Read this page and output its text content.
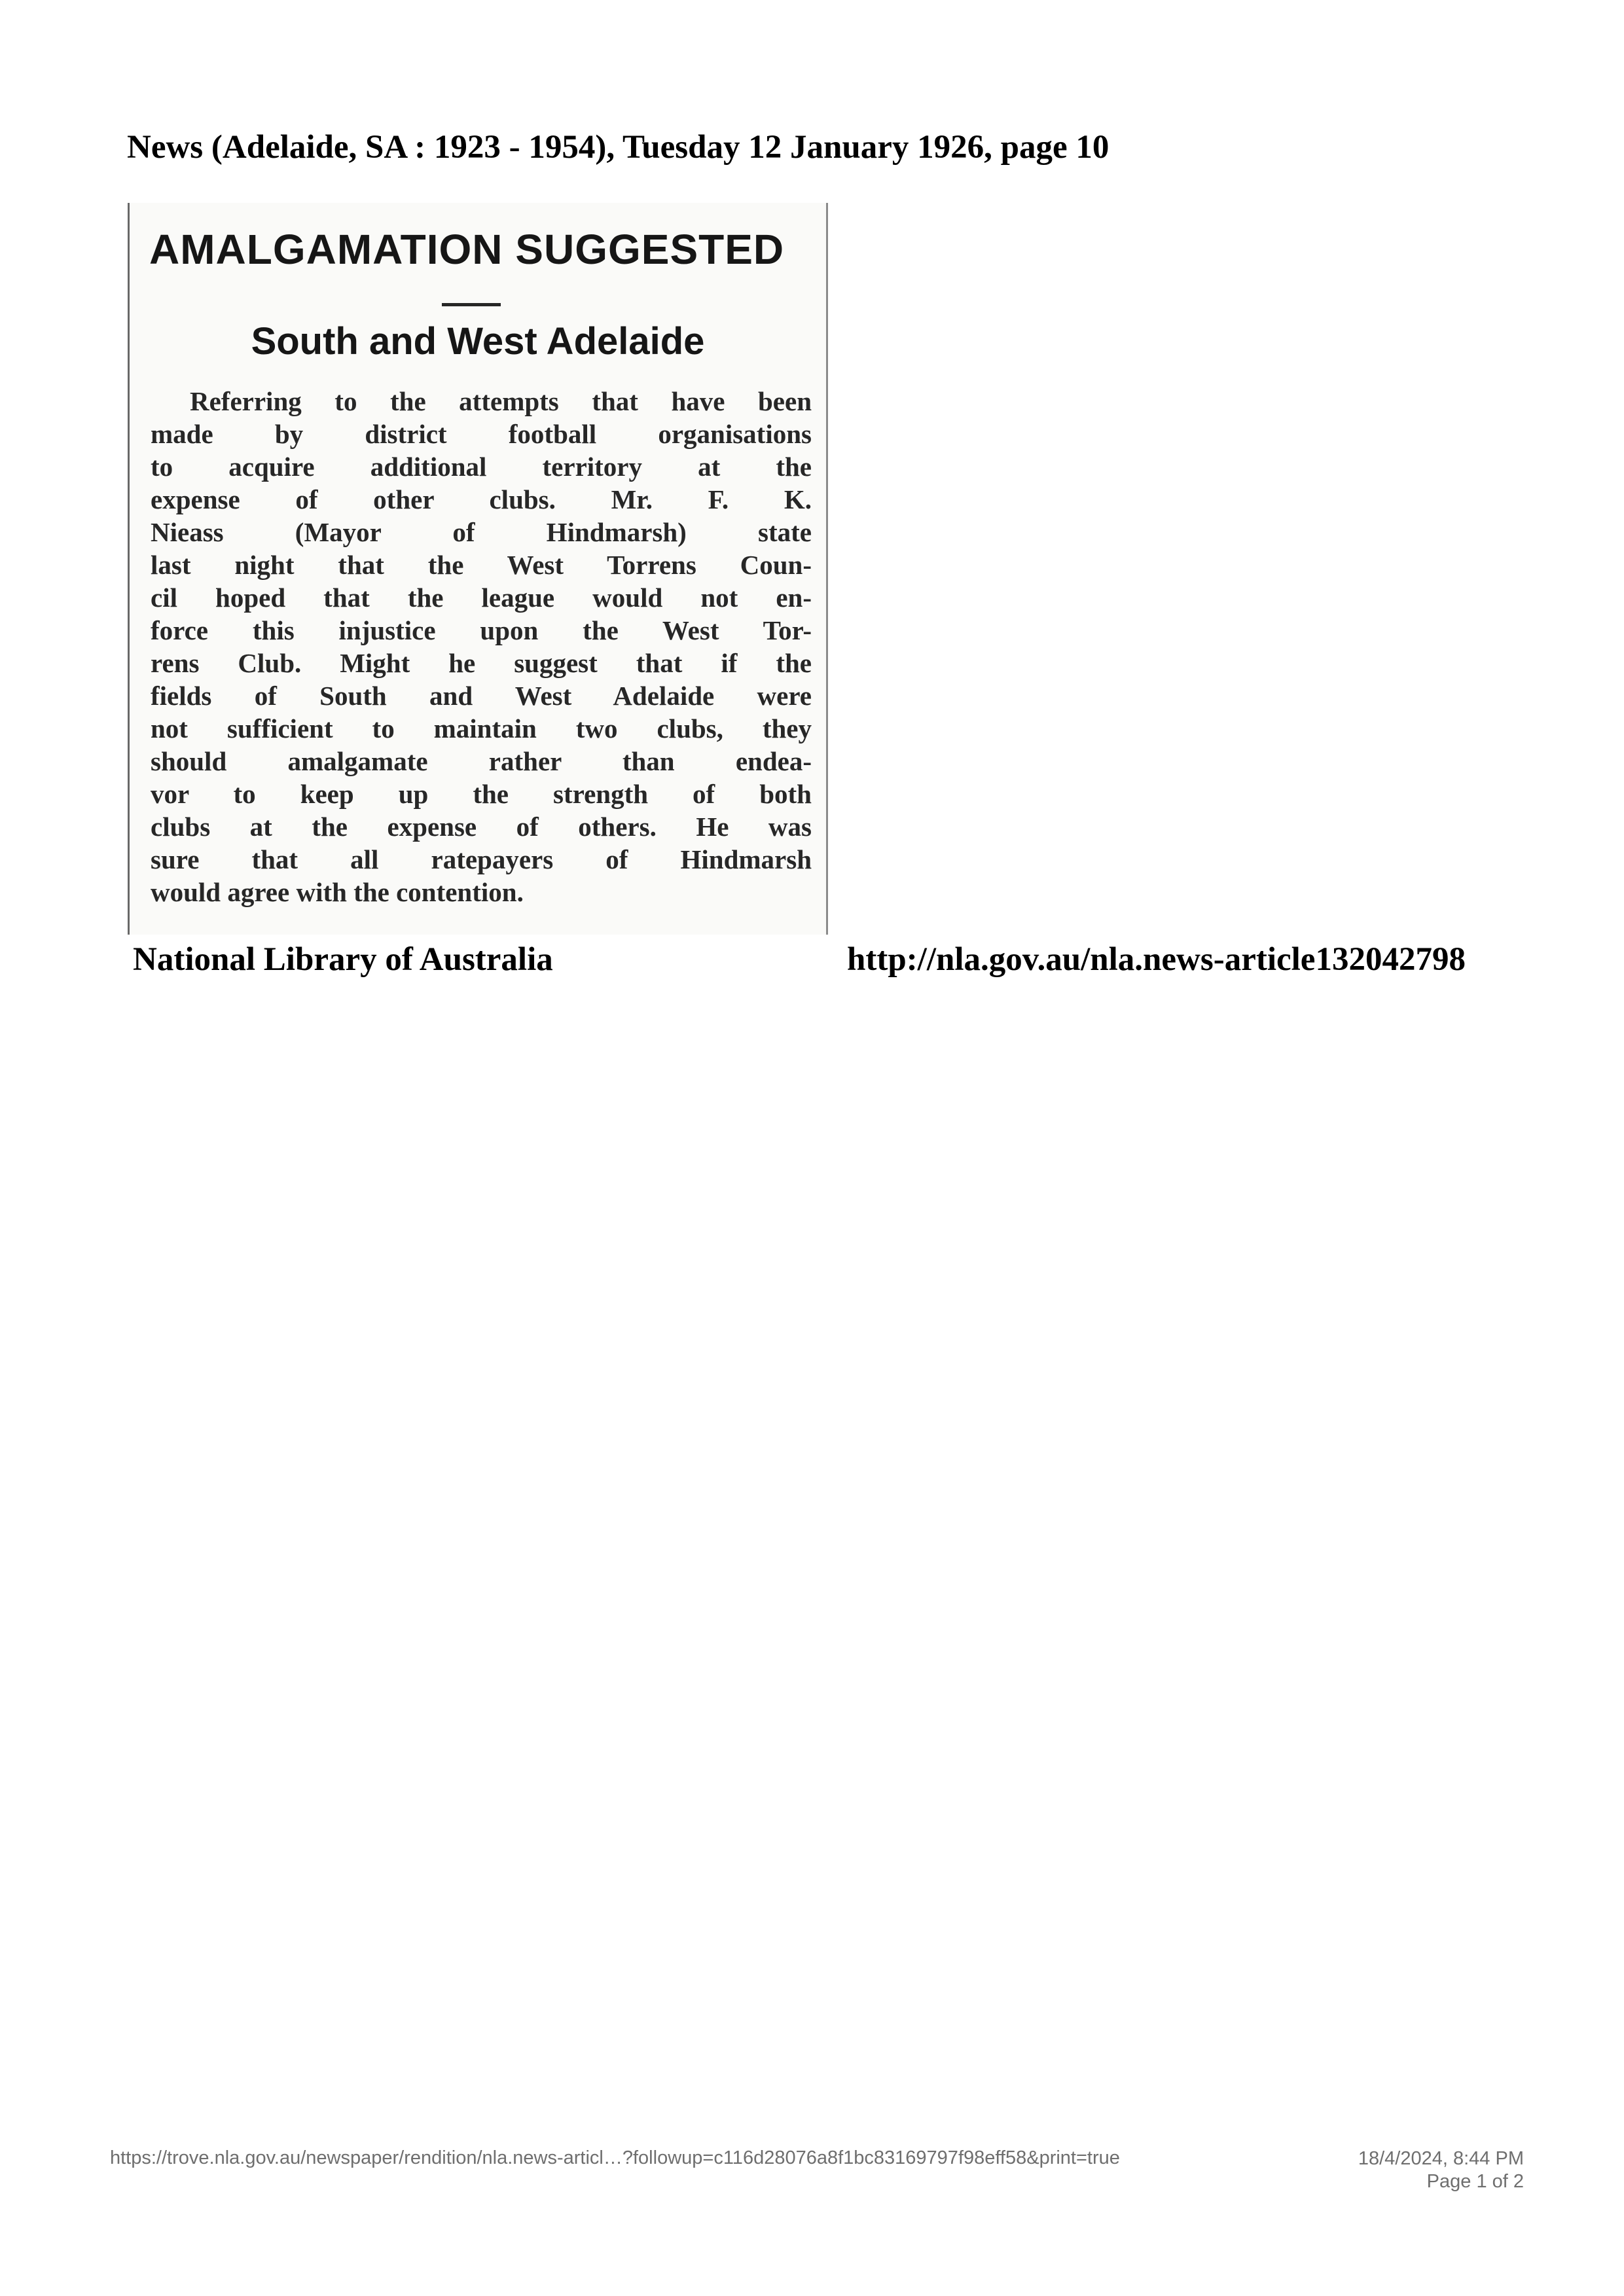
News (Adelaide, SA : 1923 - 1954), Tuesday 12 January 1926, page 10
AMALGAMATION SUGGESTED
South and West Adelaide
Referring to the attempts that have been
made by district football organisations
to acquire additional territory at the
expense of other clubs. Mr. F. K.
Nieass (Mayor of Hindmarsh) state
last night that the West Torrens Coun-
cil hoped that the league would not en-
force this injustice upon the West Tor-
rens Club. Might he suggest that if the
fields of South and West Adelaide were
not sufficient to maintain two clubs, they
should amalgamate rather than endea-
vor to keep up the strength of both
clubs at the expense of others. He was
sure that all ratepayers of Hindmarsh
would agree with the contention.
National Library of Australia	http://nla.gov.au/nla.news-article132042798
https://trove.nla.gov.au/newspaper/rendition/nla.news-articl…?followup=c116d28076a8f1bc83169797f98eff58&print=true	18/4/2024, 8:44 PM
Page 1 of 2
